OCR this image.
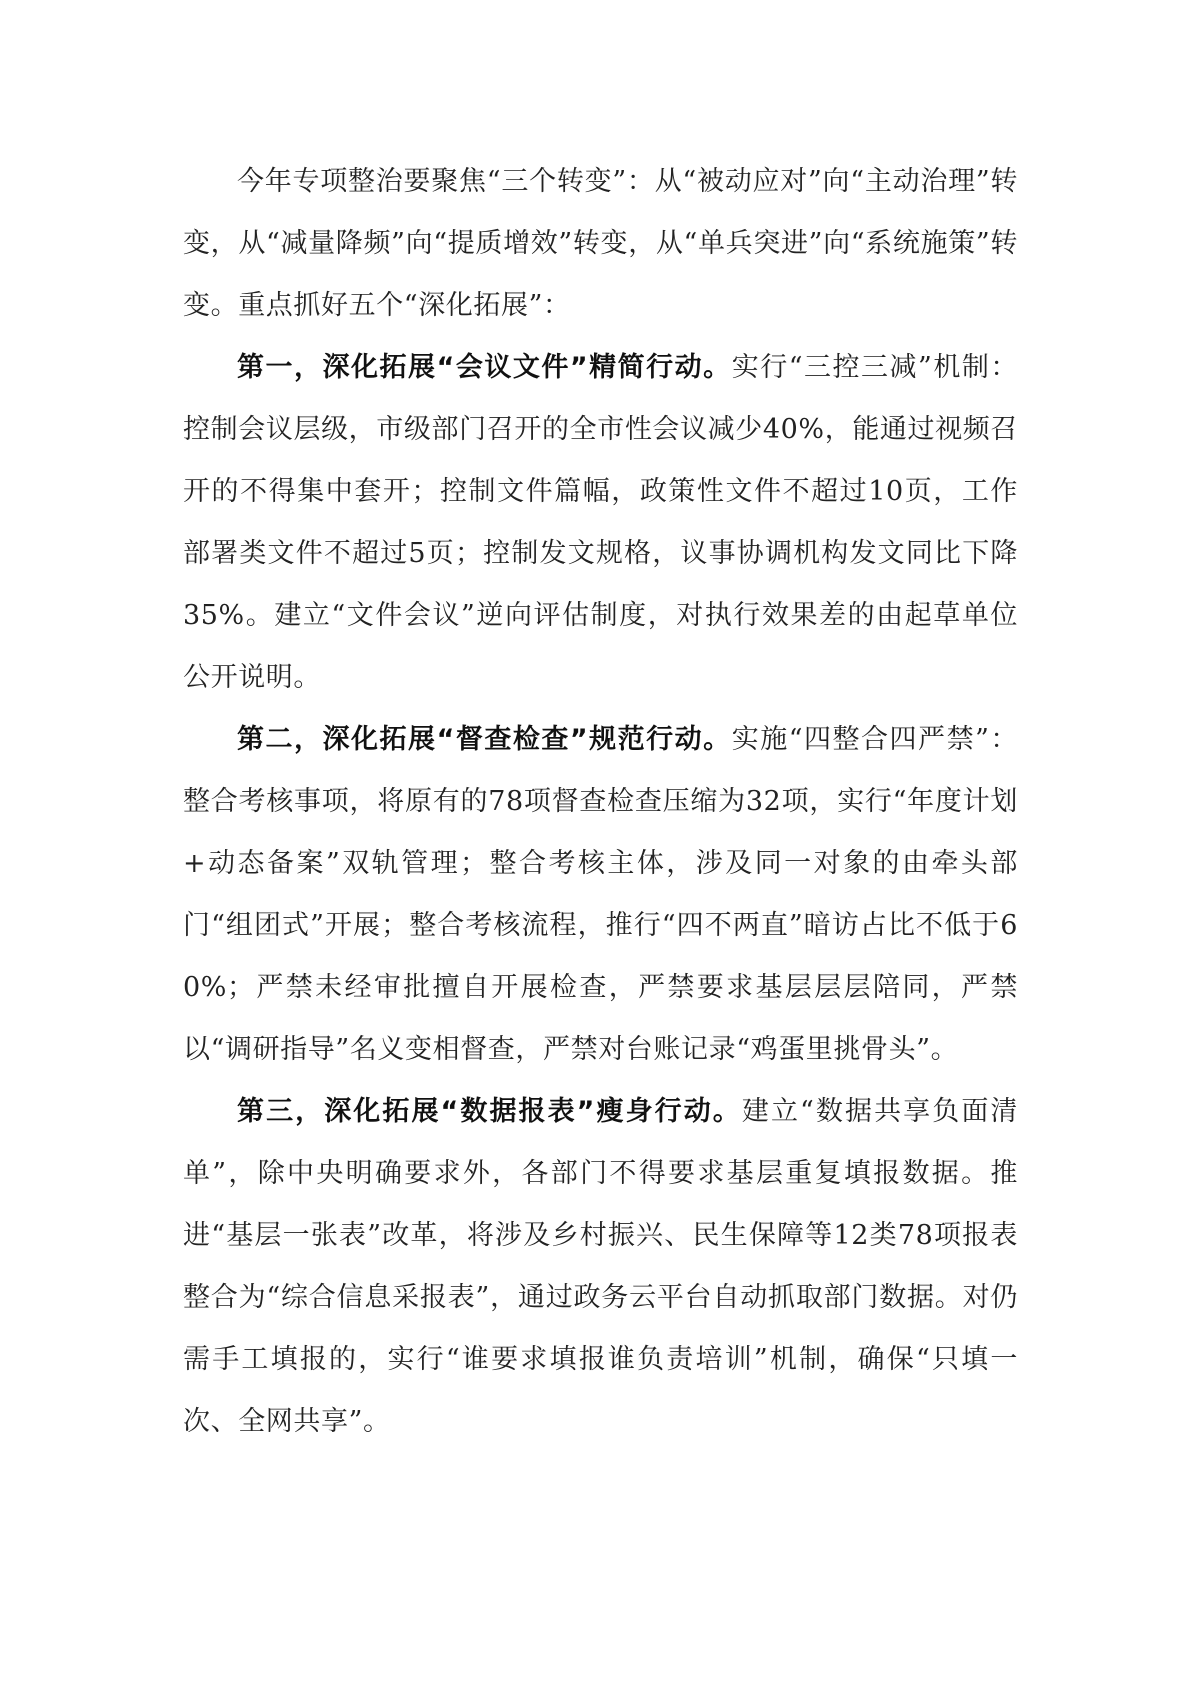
今年专项整治要聚焦“三个转变”：从“被动应对”向“主动治理”转变，从“减量降频”向“提质增效”转变，从“单兵突进”向“系统施策”转变。重点抓好五个“深化拓展”：

第一，深化拓展“会议文件”精简行动。实行“三控三减”机制：控制会议层级，市级部门召开的全市性会议减少40%，能通过视频召开的不得集中套开；控制文件篇幅，政策性文件不超过10页，工作部署类文件不超过5页；控制发文规格，议事协调机构发文同比下降35%。建立“文件会议”逆向评估制度，对执行效果差的由起草单位公开说明。

第二，深化拓展“督查检查”规范行动。实施“四整合四严禁”：整合考核事项，将原有的78项督查检查压缩为32项，实行“年度计划+动态备案”双轨管理；整合考核主体，涉及同一对象的由牵头部门“组团式”开展；整合考核流程，推行“四不两直”暗访占比不低于60%；严禁未经审批擅自开展检查，严禁要求基层层层陪同，严禁以“调研指导”名义变相督查，严禁对台账记录“鸡蛋里挑骨头”。

第三，深化拓展“数据报表”瘦身行动。建立“数据共享负面清单”，除中央明确要求外，各部门不得要求基层重复填报数据。推进“基层一张表”改革，将涉及乡村振兴、民生保障等12类78项报表整合为“综合信息采报表”，通过政务云平台自动抓取部门数据。对仍需手工填报的，实行“谁要求填报谁负责培训”机制，确保“只填一次、全网共享”。
